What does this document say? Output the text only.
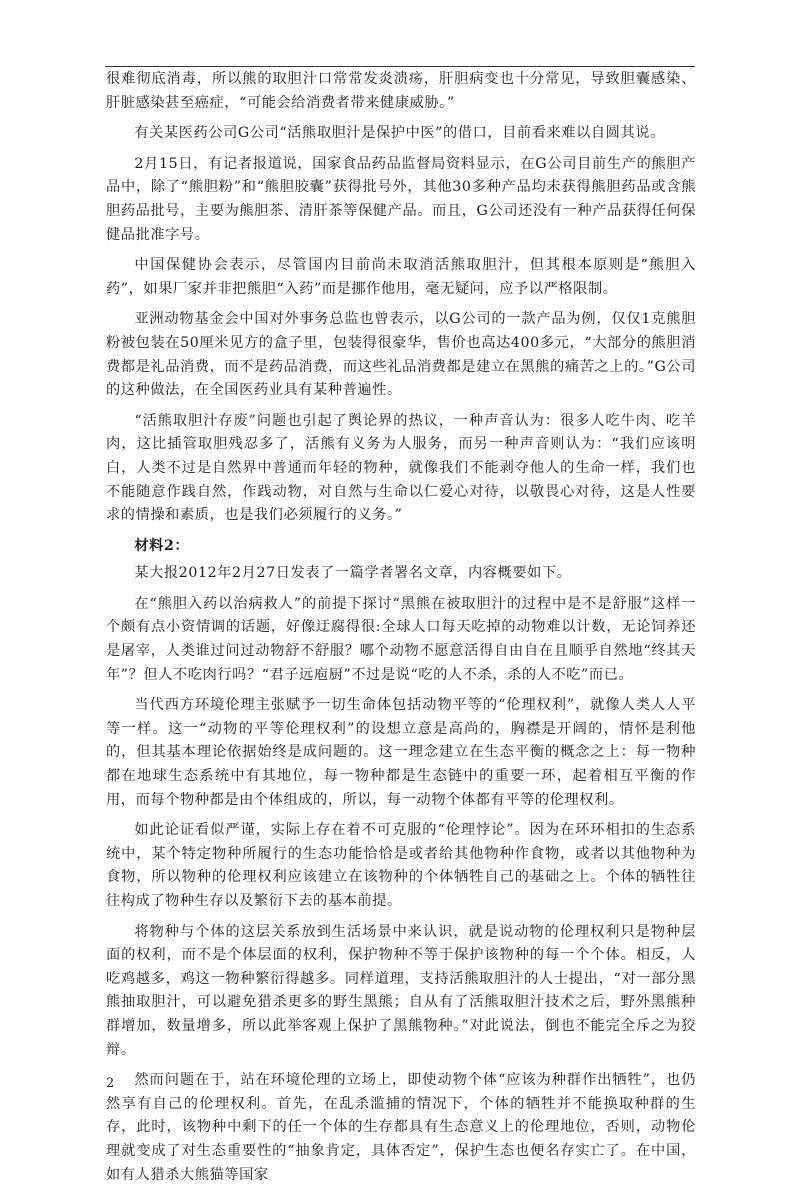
很难彻底消毒，所以熊的取胆汁口常常发炎溃疡，肝胆病变也十分常见，导致胆囊感染、肝脏感染甚至癌症，“可能会给消费者带来健康威胁。”

有关某医药公司G公司“活熊取胆汁是保护中医”的借口，目前看来难以自圆其说。

2月15日，有记者报道说，国家食品药品监督局资料显示，在G公司目前生产的熊胆产品中，除了“熊胆粉”和“熊胆胶囊”获得批号外，其他30多种产品均未获得熊胆药品或含熊胆药品批号，主要为熊胆茶、清肝茶等保健产品。而且，G公司还没有一种产品获得任何保健品批准字号。

中国保健协会表示，尽管国内目前尚未取消活熊取胆汁，但其根本原则是“熊胆入药”，如果厂家并非把熊胆“入药”而是挪作他用，毫无疑问，应予以严格限制。

亚洲动物基金会中国对外事务总监也曾表示，以G公司的一款产品为例，仅仅1克熊胆粉被包装在50厘米见方的盒子里，包装得很豪华，售价也高达400多元，“大部分的熊胆消费都是礼品消费，而不是药品消费，而这些礼品消费都是建立在黑熊的痛苦之上的。”G公司的这种做法，在全国医药业具有某种普遍性。

“活熊取胆汁存废”问题也引起了舆论界的热议，一种声音认为：很多人吃牛肉、吃羊肉，这比插管取胆残忍多了，活熊有义务为人服务，而另一种声音则认为：“我们应该明白，人类不过是自然界中普通而年轻的物种，就像我们不能剥夺他人的生命一样，我们也不能随意作践自然，作践动物，对自然与生命以仁爱心对待，以敬畏心对待，这是人性要求的情操和素质，也是我们必须履行的义务。”

材料2：

某大报2012年2月27日发表了一篇学者署名文章，内容概要如下。

在“熊胆入药以治病救人”的前提下探讨“黑熊在被取胆汁的过程中是不是舒服”这样一个颇有点小资情调的话题，好像迂腐得很:全球人口每天吃掉的动物难以计数，无论饲养还是屠宰，人类谁过问过动物舒不舒服？哪个动物不愿意活得自由自在且顺乎自然地“终其天年”？但人不吃肉行吗？“君子远庖厨”不过是说“吃的人不杀，杀的人不吃”而已。

当代西方环境伦理主张赋予一切生命体包括动物平等的“伦理权利”，就像人类人人平等一样。这一“动物的平等伦理权利”的设想立意是高尚的，胸襟是开阔的，情怀是利他的，但其基本理论依据始终是成问题的。这一理念建立在生态平衡的概念之上：每一物种都在地球生态系统中有其地位，每一物种都是生态链中的重要一环，起着相互平衡的作用，而每个物种都是由个体组成的，所以，每一动物个体都有平等的伦理权利。

如此论证看似严谨，实际上存在着不可克服的“伦理悖论”。因为在环环相扣的生态系统中，某个特定物种所履行的生态功能恰恰是或者给其他物种作食物，或者以其他物种为食物，所以物种的伦理权利应该建立在该物种的个体牺牲自己的基础之上。个体的牺牲往往构成了物种生存以及繁衍下去的基本前提。

将物种与个体的这层关系放到生活场景中来认识，就是说动物的伦理权利只是物种层面的权利，而不是个体层面的权利，保护物种不等于保护该物种的每一个个体。相反，人吃鸡越多，鸡这一物种繁衍得越多。同样道理，支持活熊取胆汁的人士提出，“对一部分黑熊抽取胆汁，可以避免猎杀更多的野生黑熊；自从有了活熊取胆汁技术之后，野外黑熊种群增加，数量增多，所以此举客观上保护了黑熊物种。”对此说法，倒也不能完全斥之为狡辩。

然而问题在于，站在环境伦理的立场上，即使动物个体“应该为种群作出牺牲”，也仍然享有自己的伦理权利。首先，在乱杀滥捕的情况下，个体的牺牲并不能换取种群的生存，此时，该物种中剩下的任一个体的生存都具有生态意义上的伦理地位，否则，动物伦理就变成了对生态重要性的“抽象肯定，具体否定”，保护生态也便名存实亡了。在中国，如有人猎杀大熊猫等国家

2
